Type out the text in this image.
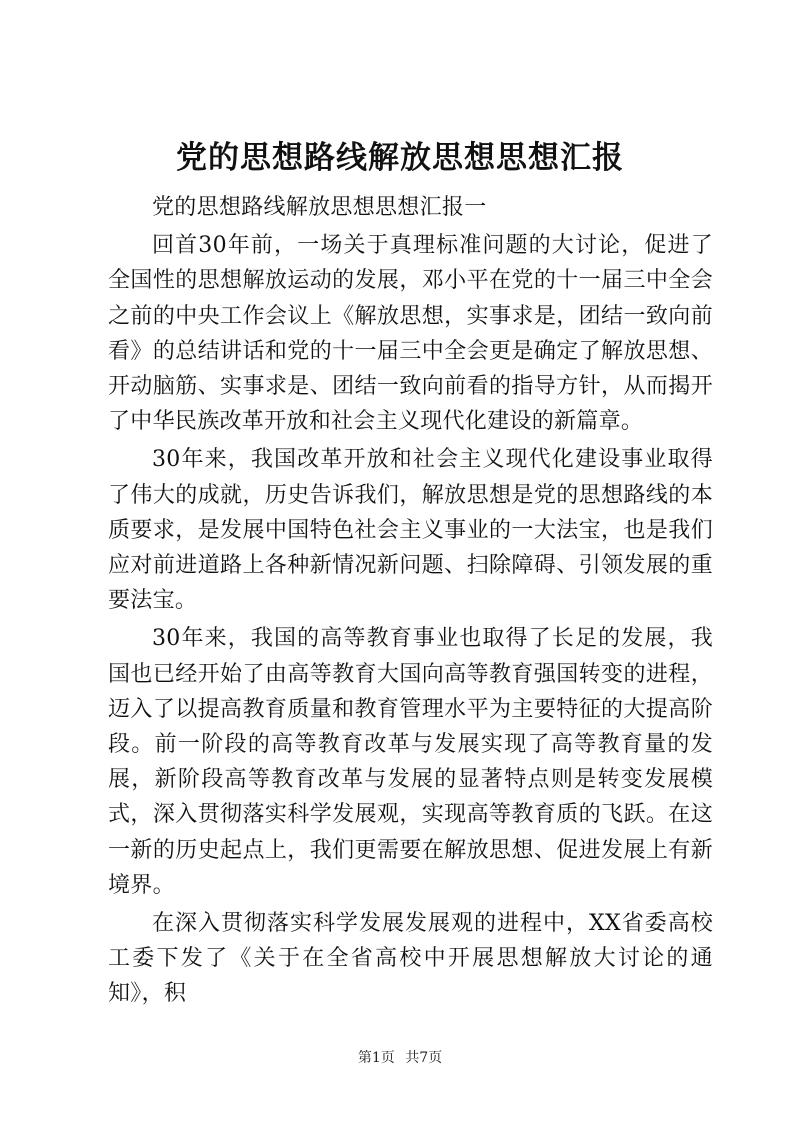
党的思想路线解放思想思想汇报

党的思想路线解放思想思想汇报一

回首30年前，一场关于真理标准问题的大讨论，促进了全国性的思想解放运动的发展，邓小平在党的十一届三中全会之前的中央工作会议上《解放思想，实事求是，团结一致向前看》的总结讲话和党的十一届三中全会更是确定了解放思想、开动脑筋、实事求是、团结一致向前看的指导方针，从而揭开了中华民族改革开放和社会主义现代化建设的新篇章。

30年来，我国改革开放和社会主义现代化建设事业取得了伟大的成就，历史告诉我们，解放思想是党的思想路线的本质要求，是发展中国特色社会主义事业的一大法宝，也是我们应对前进道路上各种新情况新问题、扫除障碍、引领发展的重要法宝。

30年来，我国的高等教育事业也取得了长足的发展，我国也已经开始了由高等教育大国向高等教育强国转变的进程，迈入了以提高教育质量和教育管理水平为主要特征的大提高阶段。前一阶段的高等教育改革与发展实现了高等教育量的发展，新阶段高等教育改革与发展的显著特点则是转变发展模式，深入贯彻落实科学发展观，实现高等教育质的飞跃。在这一新的历史起点上，我们更需要在解放思想、促进发展上有新境界。

在深入贯彻落实科学发展发展观的进程中，XX省委高校工委下发了《关于在全省高校中开展思想解放大讨论的通知》，积

第1页 共7页
